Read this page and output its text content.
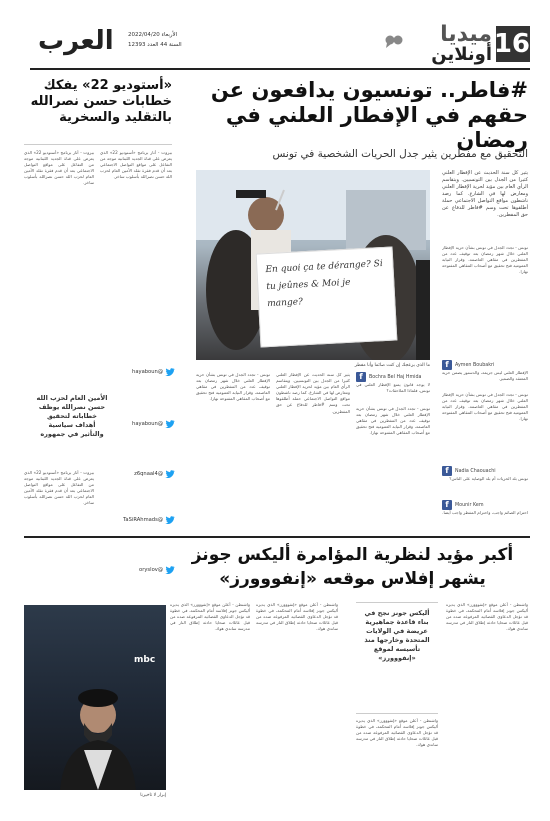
16
ميديا
أونلاين
العرب	الأربعاء 2022/04/20
السنة 44 العدد 12393
#فاطر.. تونسيون يدافعون عن حقهم في الإفطار العلني في رمضان
التحقيق مع مفطرين يثير جدل الحريات الشخصية في تونس
«أستوديو 22» يفكك خطابات حسن نصرالله بالتقليد والسخرية
بيروت - أثار برنامج «أستوديو 22» الذي يعرض على قناة الجديد اللبنانية موجة من التفاعل على مواقع التواصل الاجتماعي بعد أن قدم فقرة تقلد الأمين العام لحزب الله حسن نصرالله بأسلوب ساخر.
بيروت - أثار برنامج «أستوديو 22» الذي يعرض على قناة الجديد اللبنانية موجة من التفاعل على مواقع التواصل الاجتماعي بعد أن قدم فقرة تقلد الأمين العام لحزب الله حسن نصرالله بأسلوب ساخر.
الأمين العام لحزب الله حسن نصرالله يوظف خطاباته لتحقيق أهداف سياسية والتأثير في جمهوره
بيروت - أثار برنامج «أستوديو 22» الذي يعرض على قناة الجديد اللبنانية موجة من التفاعل على مواقع التواصل الاجتماعي بعد أن قدم فقرة تقلد الأمين العام لحزب الله حسن نصرالله بأسلوب ساخر.
@hayaboun
@hayaboun
@z6qnaal4
@TaSiRAhmads
@oryslov
En quoi ça te dérange? Si tu jeûnes & Moi je mange?
ما الذي يزعجك إن كنت صائما وأنا مفطر
يثير كل سنة الحديث عن الإفطار العلني كثيرا من الجدل بين التونسيين. ويتقاسم الرأي العام بين مؤيد لحرية الإفطار العلني ومعارض لها في الشارع. كما رصد ناشطون مواقع التواصل الاجتماعي حملة أطلقوها تحت وسم #فاطر للدفاع عن حق المفطرين.
تونس - تجدد الجدل في تونس بشأن حرية الإفطار العلني خلال شهر رمضان بعد توقيف عدد من المفطرين في مقاهي العاصمة، وقرار النيابة العمومية فتح تحقيق مع أصحاب المقاهي المفتوحة نهارا.
Aymen Boubakri
f
الإفطار العلني ليس جريمة، والدستور يضمن حرية المعتقد والضمير.
تونس - تجدد الجدل في تونس بشأن حرية الإفطار العلني خلال شهر رمضان بعد توقيف عدد من المفطرين في مقاهي العاصمة، وقرار النيابة العمومية فتح تحقيق مع أصحاب المقاهي المفتوحة نهارا.
Nadia Chaouachi
f
تونس بلد الحريات أم بلد الوصاية على الناس؟
Mounir Kem
f
احترام الصائم واجب، واحترام المفطر واجب أيضا.
تونس - تجدد الجدل في تونس بشأن حرية الإفطار العلني خلال شهر رمضان بعد توقيف عدد من المفطرين في مقاهي العاصمة، وقرار النيابة العمومية فتح تحقيق مع أصحاب المقاهي المفتوحة نهارا.
يثير كل سنة الحديث عن الإفطار العلني كثيرا من الجدل بين التونسيين. ويتقاسم الرأي العام بين مؤيد لحرية الإفطار العلني ومعارض لها في الشارع. كما رصد ناشطون مواقع التواصل الاجتماعي حملة أطلقوها تحت وسم #فاطر للدفاع عن حق المفطرين.
Bochra Bel Haj Hmida
f
لا يوجد قانون يمنع الإفطار العلني في تونس، فلماذا الملاحقات؟
تونس - تجدد الجدل في تونس بشأن حرية الإفطار العلني خلال شهر رمضان بعد توقيف عدد من المفطرين في مقاهي العاصمة، وقرار النيابة العمومية فتح تحقيق مع أصحاب المقاهي المفتوحة نهارا.
أكبر مؤيد لنظرية المؤامرة أليكس جونز
يشهر إفلاس موقعه «إنفووورز»
واشنطن - أعلن موقع «إنفووورز» الذي يديره أليكس جونز إفلاسه أمام المحكمة، في خطوة قد تؤجل الدعاوى القضائية المرفوعة ضده من قبل عائلات ضحايا حادثة إطلاق النار في مدرسة ساندي هوك.
أليكس جونز نجح في بناء قاعدة جماهيرية عريضة في الولايات المتحدة وخارجها منذ تأسيسه لموقع «إنفووورز»
واشنطن - أعلن موقع «إنفووورز» الذي يديره أليكس جونز إفلاسه أمام المحكمة، في خطوة قد تؤجل الدعاوى القضائية المرفوعة ضده من قبل عائلات ضحايا حادثة إطلاق النار في مدرسة ساندي هوك.
واشنطن - أعلن موقع «إنفووورز» الذي يديره أليكس جونز إفلاسه أمام المحكمة، في خطوة قد تؤجل الدعاوى القضائية المرفوعة ضده من قبل عائلات ضحايا حادثة إطلاق النار في مدرسة ساندي هوك.
واشنطن - أعلن موقع «إنفووورز» الذي يديره أليكس جونز إفلاسه أمام المحكمة، في خطوة قد تؤجل الدعاوى القضائية المرفوعة ضده من قبل عائلات ضحايا حادثة إطلاق النار في مدرسة ساندي هوك.
mbc
إبرار لا تاخيرنا
